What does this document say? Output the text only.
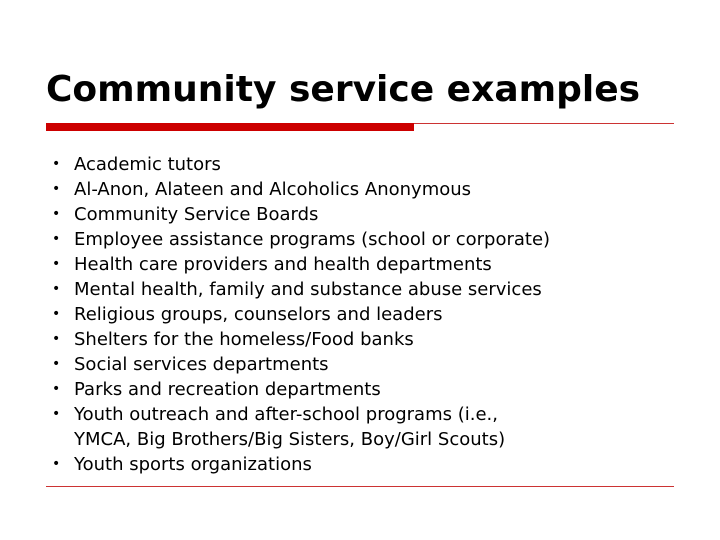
Community service examples
• Academic tutors
• Al-Anon, Alateen and Alcoholics Anonymous
• Community Service Boards
• Employee assistance programs (school or corporate)
• Health care providers and health departments
• Mental health, family and substance abuse services
• Religious groups, counselors and leaders
• Shelters for the homeless/Food banks
• Social services departments
• Parks and recreation departments
• Youth outreach and after-school programs (i.e.,
YMCA, Big Brothers/Big Sisters, Boy/Girl Scouts)
• Youth sports organizations
